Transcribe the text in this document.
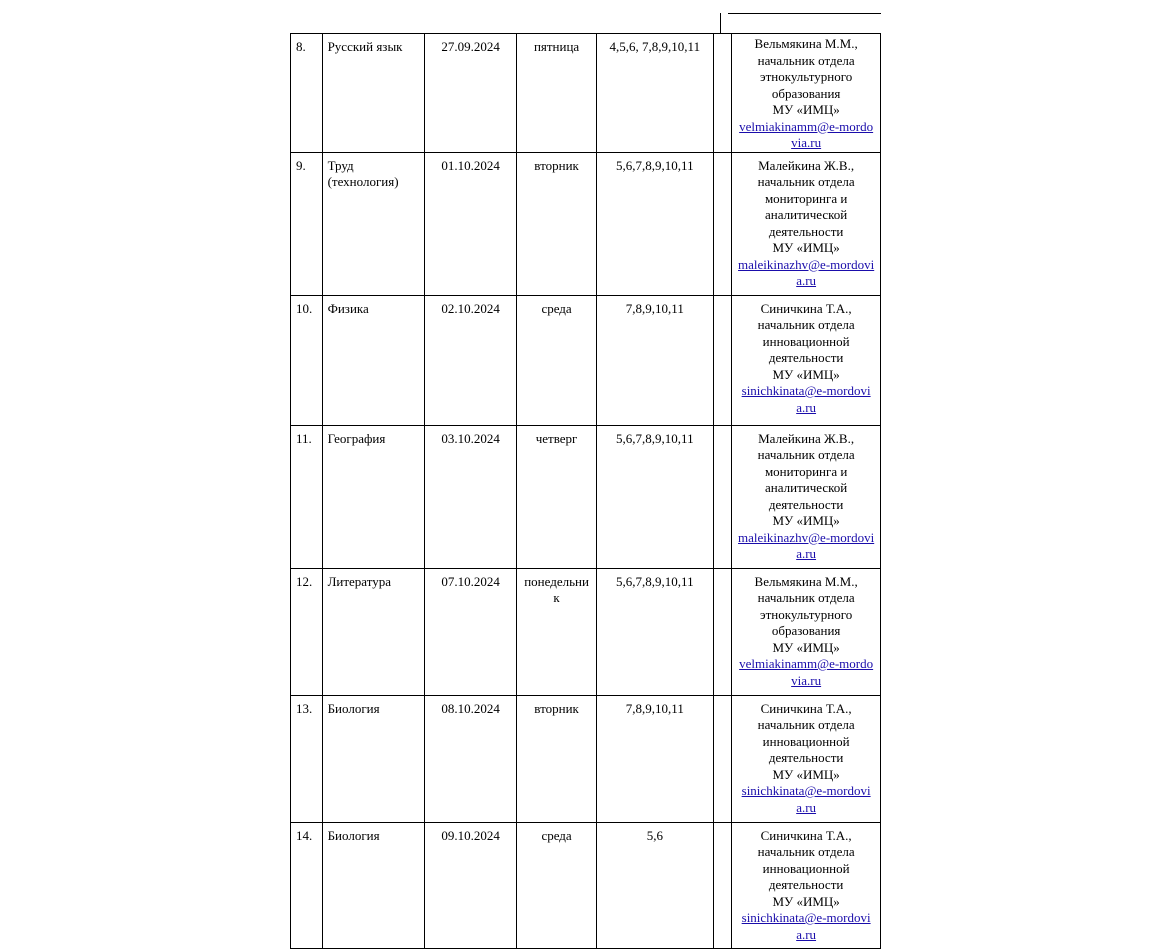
8.	Русский язык	27.09.2024	пятница	4,5,6, 7,8,9,10,11		Вельмякина М.М., начальник отдела этнокультурного образования
МУ «ИМЦ»
velmiakinamm@e-mordovia.ru

9.	Труд (технология)	01.10.2024	вторник	5,6,7,8,9,10,11		Малейкина Ж.В., начальник отдела мониторинга и аналитической деятельности
МУ «ИМЦ»
maleikinazhv@e-mordovia.ru

10.	Физика	02.10.2024	среда	7,8,9,10,11		Синичкина Т.А., начальник отдела инновационной деятельности
МУ «ИМЦ»
sinichkinata@e-mordovia.ru

11.	География	03.10.2024	четверг	5,6,7,8,9,10,11		Малейкина Ж.В., начальник отдела мониторинга и аналитической деятельности
МУ «ИМЦ»
maleikinazhv@e-mordovia.ru

12.	Литература	07.10.2024	понедельник	5,6,7,8,9,10,11		Вельмякина М.М., начальник отдела этнокультурного образования
МУ «ИМЦ»
velmiakinamm@e-mordovia.ru

13.	Биология	08.10.2024	вторник	7,8,9,10,11		Синичкина Т.А., начальник отдела инновационной деятельности
МУ «ИМЦ»
sinichkinata@e-mordovia.ru

14.	Биология	09.10.2024	среда	5,6		Синичкина Т.А., начальник отдела инновационной деятельности
МУ «ИМЦ»
sinichkinata@e-mordovia.ru
